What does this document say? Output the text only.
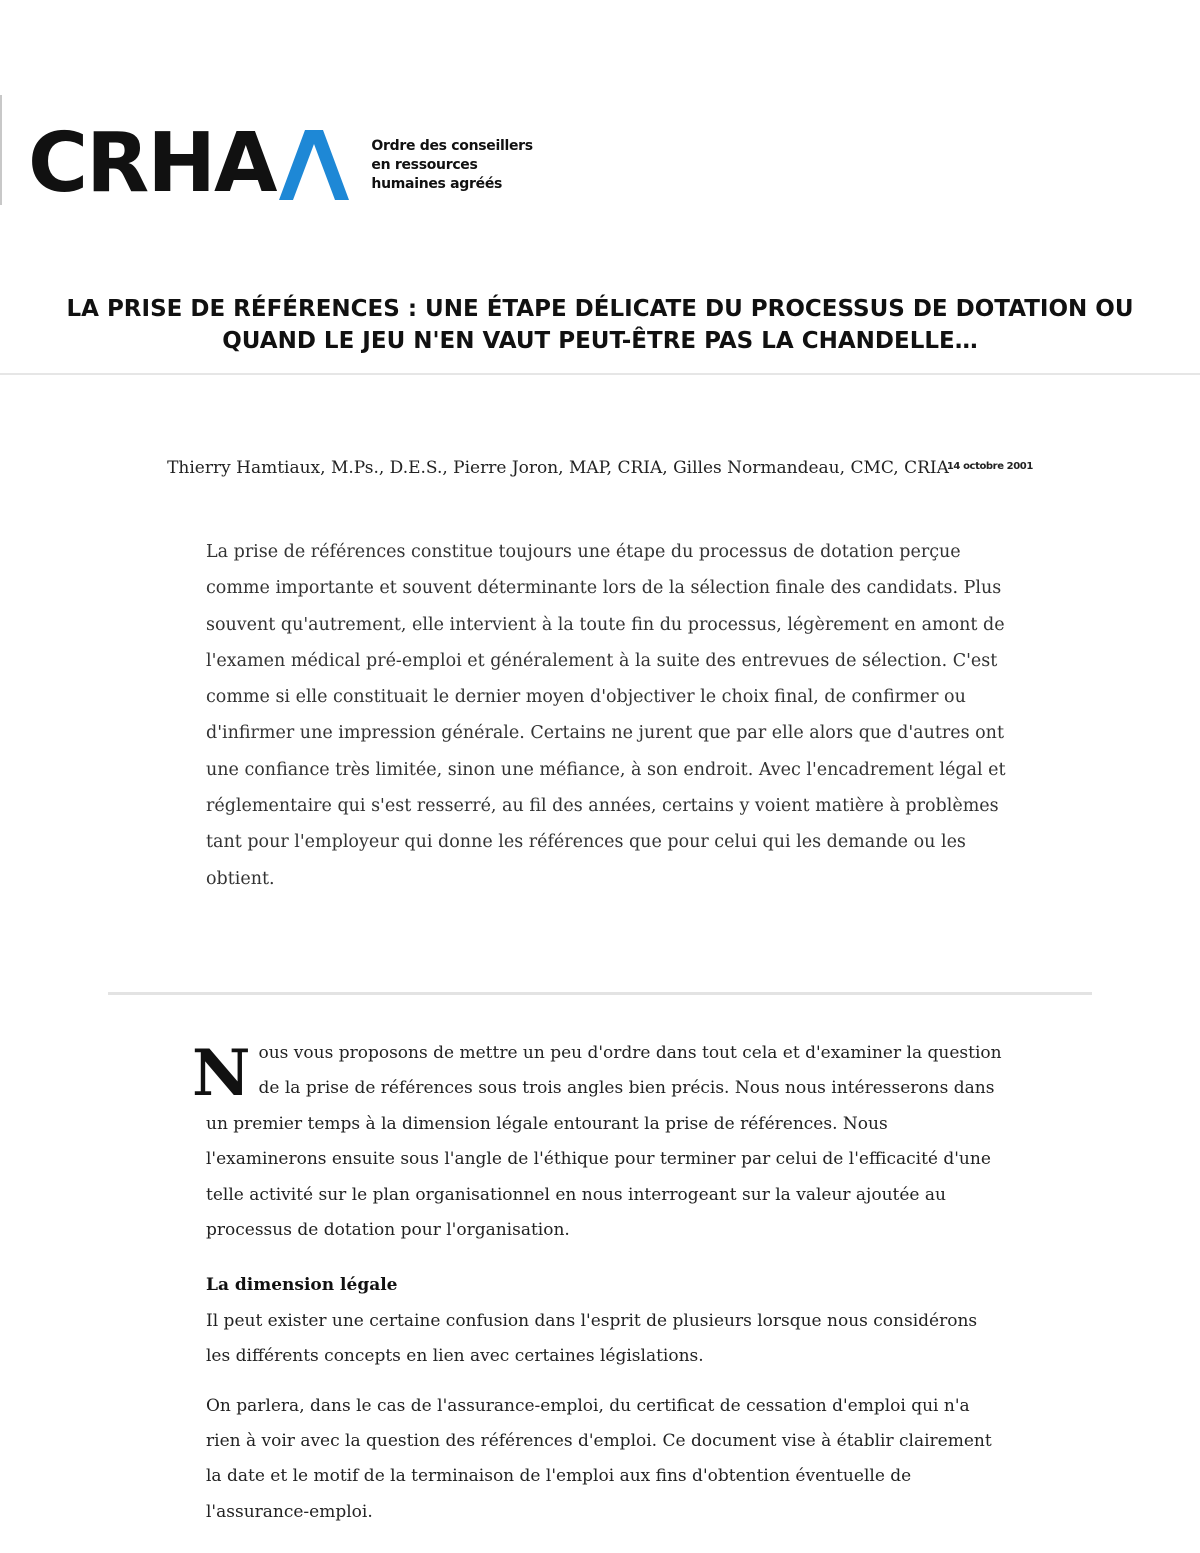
CRHA	Ordre des conseillers
en ressources
humaines agréés
LA PRISE DE RÉFÉRENCES : UNE ÉTAPE DÉLICATE DU PROCESSUS DE DOTATION OU QUAND LE JEU N'EN VAUT PEUT-ÊTRE PAS LA CHANDELLE…
Thierry Hamtiaux, M.Ps., D.E.S., Pierre Joron, MAP, CRIA, Gilles Normandeau, CMC, $CRIA^{14 octobre 2001}$

La prise de références constitue toujours une étape du processus de dotation perçue comme importante et souvent déterminante lors de la sélection finale des candidats. Plus souvent qu'autrement, elle intervient à la toute fin du processus, légèrement en amont de l'examen médical pré-emploi et généralement à la suite des entrevues de sélection. C'est comme si elle constituait le dernier moyen d'objectiver le choix final, de confirmer ou d'infirmer une impression générale. Certains ne jurent que par elle alors que d'autres ont une confiance très limitée, sinon une méfiance, à son endroit. Avec l'encadrement légal et réglementaire qui s'est resserré, au fil des années, certains y voient matière à problèmes tant pour l'employeur qui donne les références que pour celui qui les demande ou les obtient.

Nous vous proposons de mettre un peu d'ordre dans tout cela et d'examiner la question de la prise de références sous trois angles bien précis. Nous nous intéresserons dans un premier temps à la dimension légale entourant la prise de références. Nous l'examinerons ensuite sous l'angle de l'éthique pour terminer par celui de l'efficacité d'une telle activité sur le plan organisationnel en nous interrogeant sur la valeur ajoutée au processus de dotation pour l'organisation.

La dimension légale

Il peut exister une certaine confusion dans l'esprit de plusieurs lorsque nous considérons les différents concepts en lien avec certaines législations.

On parlera, dans le cas de l'assurance-emploi, du certificat de cessation d'emploi qui n'a rien à voir avec la question des références d'emploi. Ce document vise à établir clairement la date et le motif de la terminaison de l'emploi aux fins d'obtention éventuelle de l'assurance-emploi.
